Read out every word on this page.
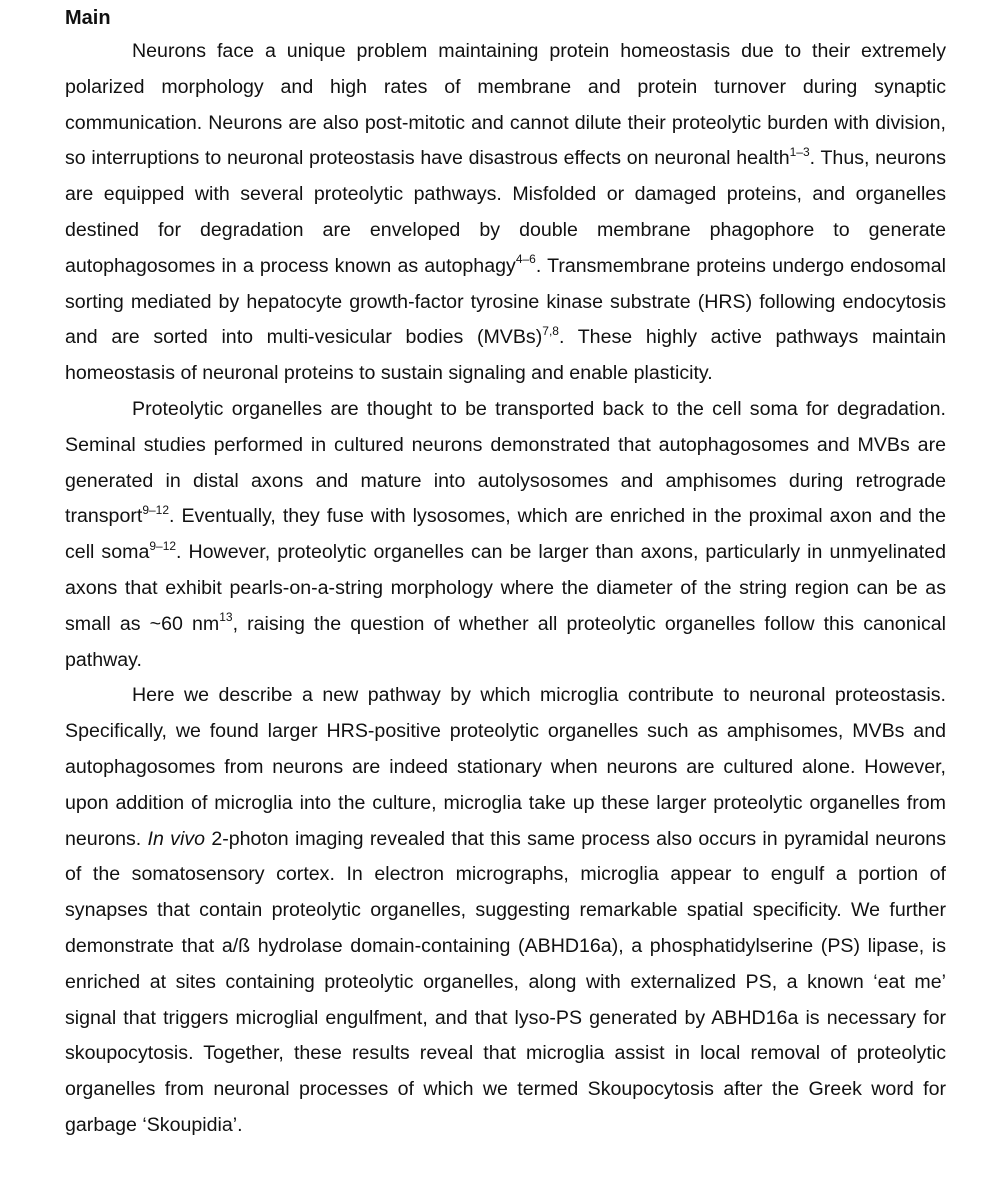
Main

Neurons face a unique problem maintaining protein homeostasis due to their extremely polarized morphology and high rates of membrane and protein turnover during synaptic communication. Neurons are also post-mitotic and cannot dilute their proteolytic burden with division, so interruptions to neuronal proteostasis have disastrous effects on neuronal health$^{1-3}$. Thus, neurons are equipped with several proteolytic pathways. Misfolded or damaged proteins, and organelles destined for degradation are enveloped by double membrane phagophore to generate autophagosomes in a process known as autophagy$^{4-6}$. Transmembrane proteins undergo endosomal sorting mediated by hepatocyte growth-factor tyrosine kinase substrate (HRS) following endocytosis and are sorted into multi-vesicular bodies (MVBs)$^{7,8}$. These highly active pathways maintain homeostasis of neuronal proteins to sustain signaling and enable plasticity.

Proteolytic organelles are thought to be transported back to the cell soma for degradation. Seminal studies performed in cultured neurons demonstrated that autophagosomes and MVBs are generated in distal axons and mature into autolysosomes and amphisomes during retrograde transport$^{9-12}$. Eventually, they fuse with lysosomes, which are enriched in the proximal axon and the cell soma$^{9-12}$. However, proteolytic organelles can be larger than axons, particularly in unmyelinated axons that exhibit pearls-on-a-string morphology where the diameter of the string region can be as small as ~60 $nm^{13}$, raising the question of whether all proteolytic organelles follow this canonical pathway.

Here we describe a new pathway by which microglia contribute to neuronal proteostasis. Specifically, we found larger HRS-positive proteolytic organelles such as amphisomes, MVBs and autophagosomes from neurons are indeed stationary when neurons are cultured alone. However, upon addition of microglia into the culture, microglia take up these larger proteolytic organelles from neurons. In vivo 2-photon imaging revealed that this same process also occurs in pyramidal neurons of the somatosensory cortex. In electron micrographs, microglia appear to engulf a portion of synapses that contain proteolytic organelles, suggesting remarkable spatial specificity. We further demonstrate that a/ß hydrolase domain-containing (ABHD16a), a phosphatidylserine (PS) lipase, is enriched at sites containing proteolytic organelles, along with externalized PS, a known ‘eat me’ signal that triggers microglial engulfment, and that lyso-PS generated by ABHD16a is necessary for skoupocytosis. Together, these results reveal that microglia assist in local removal of proteolytic organelles from neuronal processes of which we termed Skoupocytosis after the Greek word for garbage ‘Skoupidia’.
